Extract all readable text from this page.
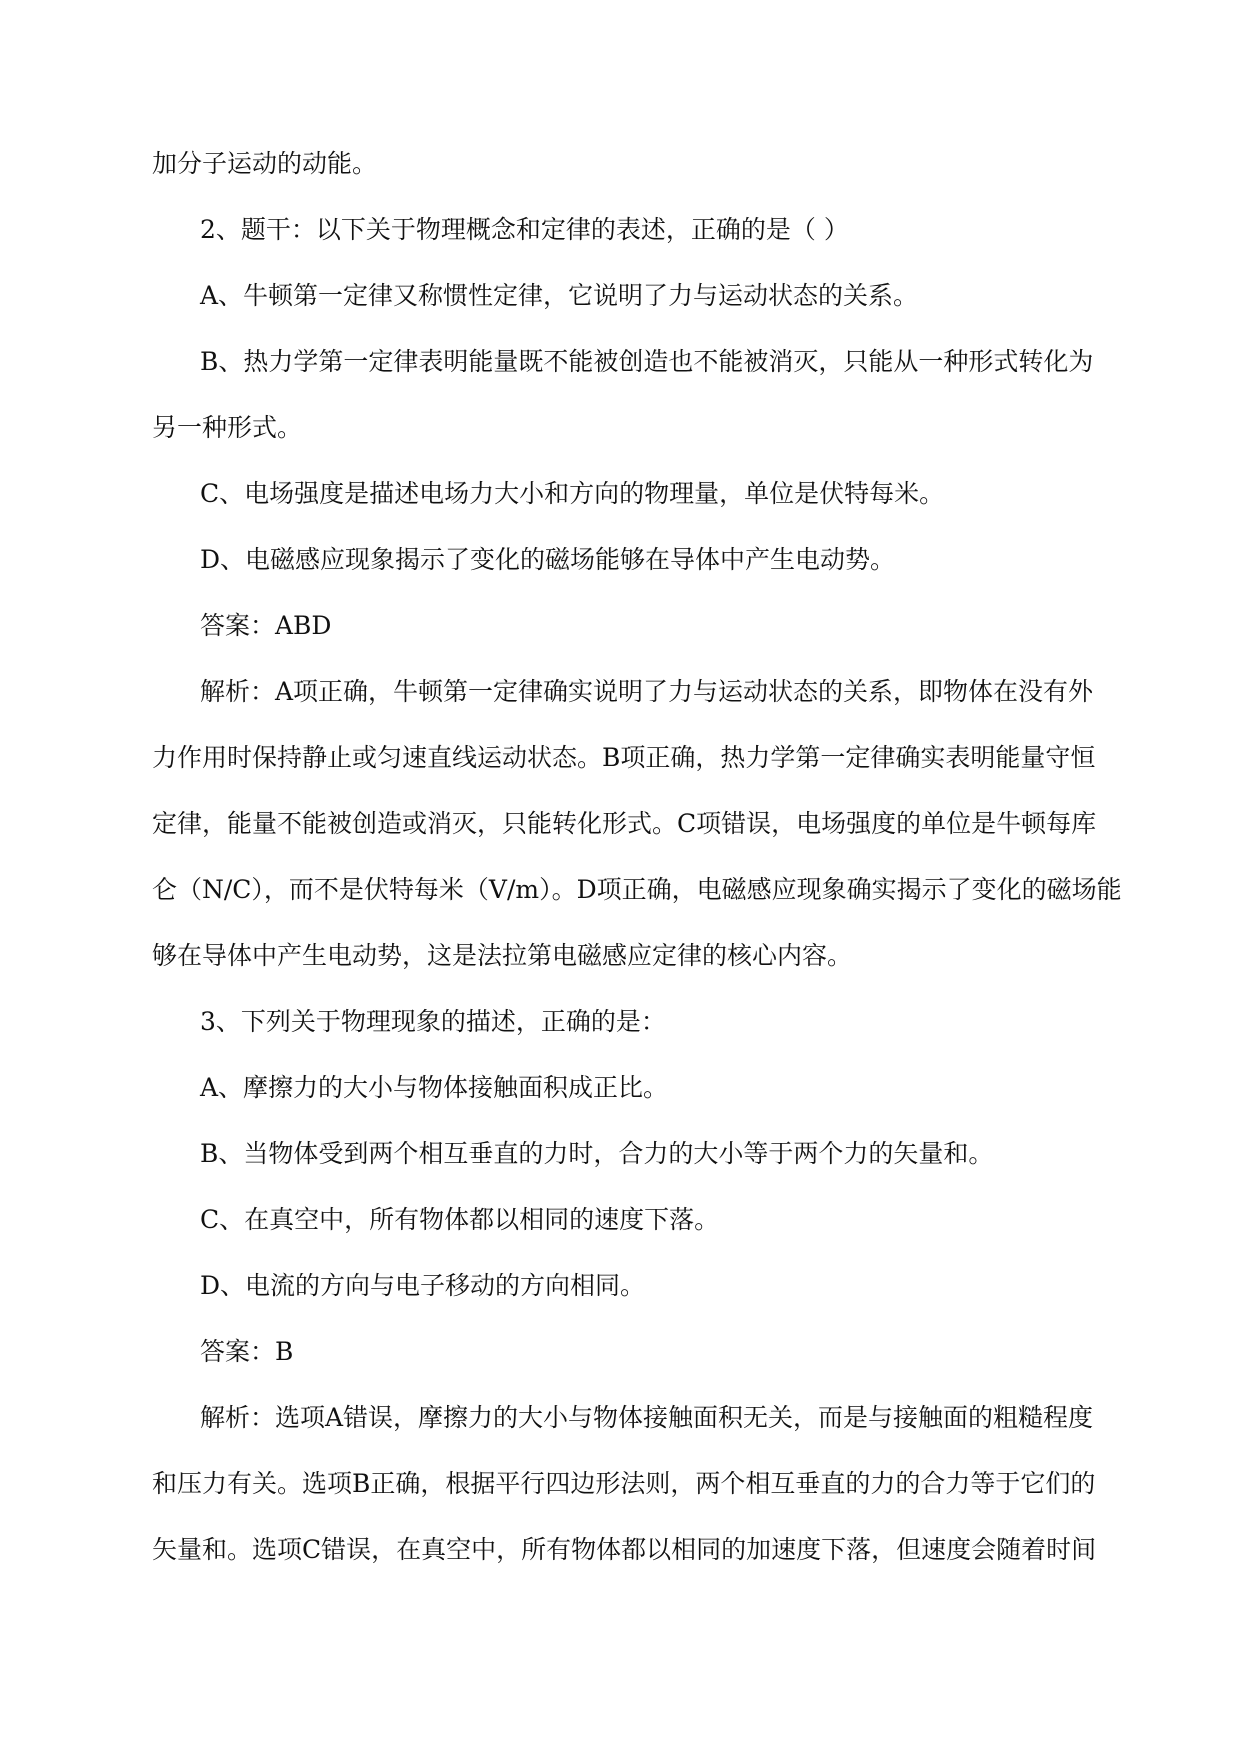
加分子运动的动能。
2、题干：以下关于物理概念和定律的表述，正确的是（ ）
A、牛顿第一定律又称惯性定律，它说明了力与运动状态的关系。
B、热力学第一定律表明能量既不能被创造也不能被消灭，只能从一种形式转化为
另一种形式。
C、电场强度是描述电场力大小和方向的物理量，单位是伏特每米。
D、电磁感应现象揭示了变化的磁场能够在导体中产生电动势。
答案：ABD
解析：A项正确，牛顿第一定律确实说明了力与运动状态的关系，即物体在没有外
力作用时保持静止或匀速直线运动状态。B项正确，热力学第一定律确实表明能量守恒
定律，能量不能被创造或消灭，只能转化形式。C项错误，电场强度的单位是牛顿每库
仑（N/C），而不是伏特每米（V/m）。D项正确，电磁感应现象确实揭示了变化的磁场能
够在导体中产生电动势，这是法拉第电磁感应定律的核心内容。
3、下列关于物理现象的描述，正确的是：
A、摩擦力的大小与物体接触面积成正比。
B、当物体受到两个相互垂直的力时，合力的大小等于两个力的矢量和。
C、在真空中，所有物体都以相同的速度下落。
D、电流的方向与电子移动的方向相同。
答案：B
解析：选项A错误，摩擦力的大小与物体接触面积无关，而是与接触面的粗糙程度
和压力有关。选项B正确，根据平行四边形法则，两个相互垂直的力的合力等于它们的
矢量和。选项C错误，在真空中，所有物体都以相同的加速度下落，但速度会随着时间
